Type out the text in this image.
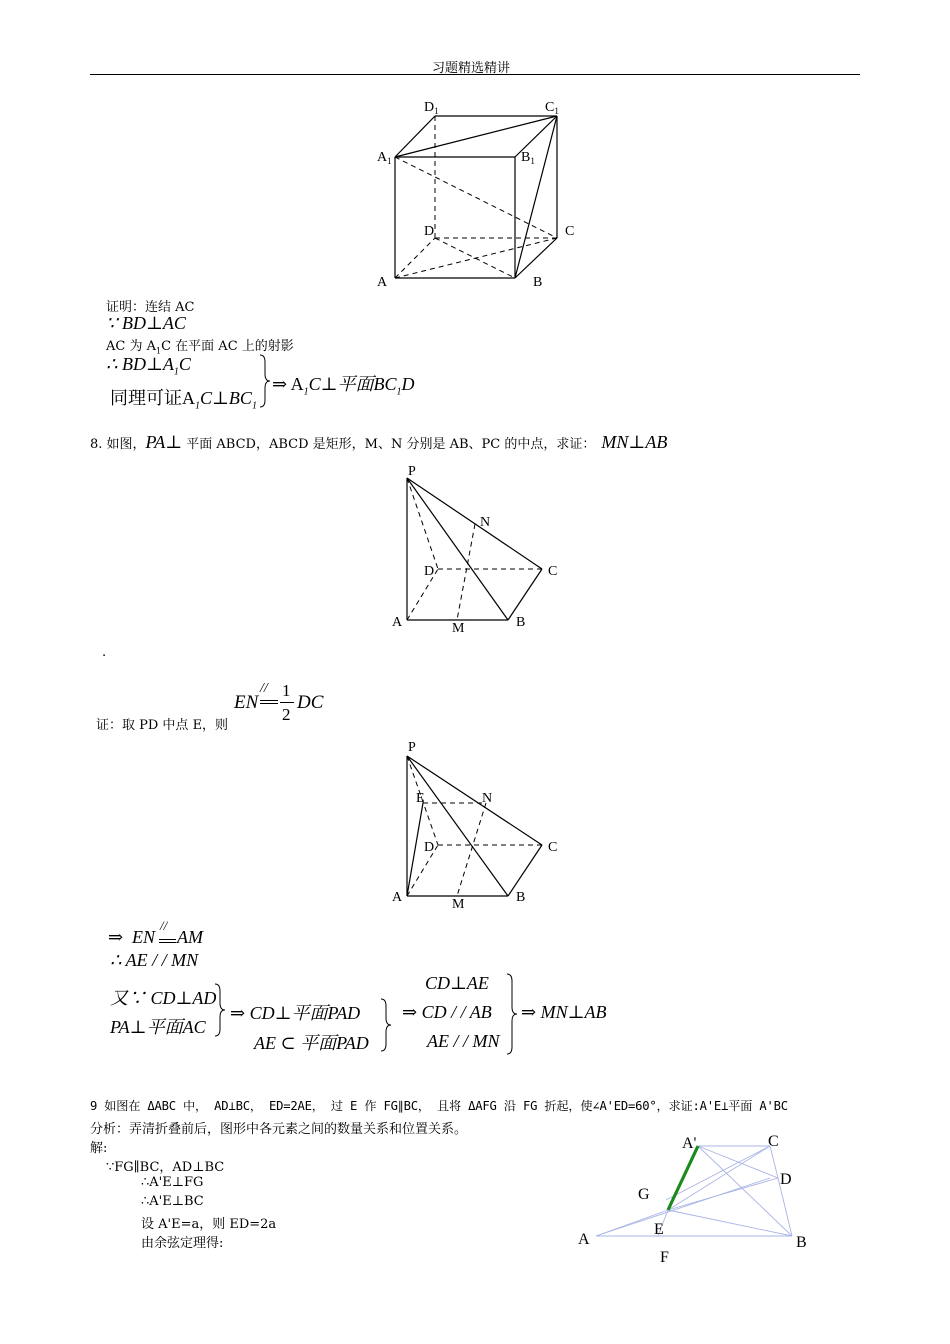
习题精选精讲
$D_1$	$C_1$
$A_1$	$B_1$
D	C
A	B
证明：连结 AC
∵ BD⊥AC
AC 为 $A_1C$ 在平面 AC 上的射影
∴ $BD\perp A_1C$
同理可证$A_1C\perp BC_1$
⇒ $A_1C\perp$平面$BC_1D$
8. 如图，PA⊥ 平面 ABCD，ABCD 是矩形，M、N 分别是 AB、PC 的中点，求证： MN⊥AB
P
N
D	C
A	M	B
.
证：取 PD 中点 E，则
EN
// 1
2
DC
P
E	N
D	C
A	M	B
⇒ EN
//
AM
∴ AE / / MN
又∵ CD⊥AD
PA⊥平面AC
⇒ CD⊥平面PAD
AE ⊂ 平面PAD
CD⊥AE
⇒ CD / / AB
AE / / MN
⇒ MN⊥AB
9 如图在 ΔABC 中， AD⊥BC， ED=2AE， 过 E 作 FG∥BC， 且将 ΔAFG 沿 FG 折起，使∠A'ED=60°，求证:A'E⊥平面 A'BC
分析：弄清折叠前后，图形中各元素之间的数量关系和位置关系。
解:
∵FG∥BC，AD⊥BC
∴A'E⊥FG
∴A'E⊥BC
设 A'E=a，则 ED=2a
由余弦定理得:
A'	C
D
G
E
A	B
F
